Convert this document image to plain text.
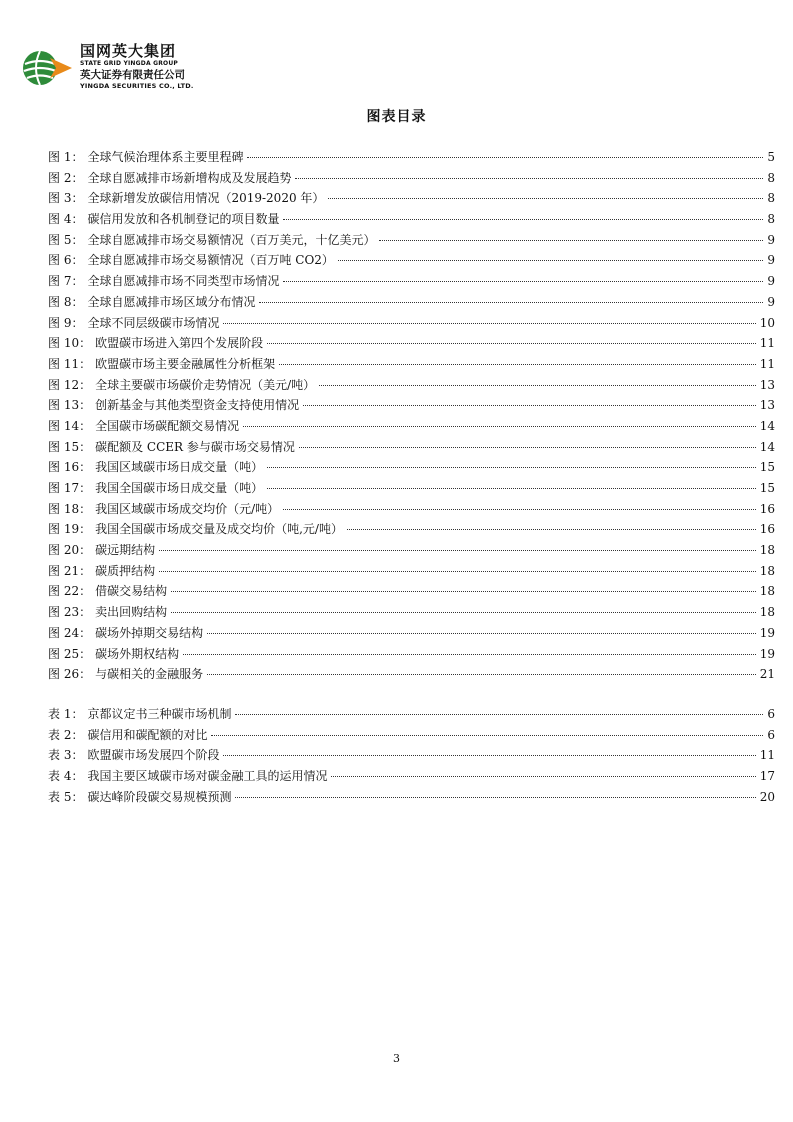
国网英大集团
STATE GRID YINGDA GROUP
英大证券有限责任公司
YINGDA SECURITIES CO., LTD.
图表目录
图 1： 全球气候治理体系主要里程碑	5
图 2： 全球自愿减排市场新增构成及发展趋势	8
图 3： 全球新增发放碳信用情况（2019-2020 年）	8
图 4： 碳信用发放和各机制登记的项目数量	8
图 5： 全球自愿减排市场交易额情况（百万美元，十亿美元）	9
图 6： 全球自愿减排市场交易额情况（百万吨 CO2）	9
图 7： 全球自愿减排市场不同类型市场情况	9
图 8： 全球自愿减排市场区域分布情况	9
图 9： 全球不同层级碳市场情况	10
图 10： 欧盟碳市场进入第四个发展阶段	11
图 11： 欧盟碳市场主要金融属性分析框架	11
图 12： 全球主要碳市场碳价走势情况（美元/吨）	13
图 13： 创新基金与其他类型资金支持使用情况	13
图 14： 全国碳市场碳配额交易情况	14
图 15： 碳配额及 CCER 参与碳市场交易情况	14
图 16： 我国区域碳市场日成交量（吨）	15
图 17： 我国全国碳市场日成交量（吨）	15
图 18： 我国区域碳市场成交均价（元/吨）	16
图 19： 我国全国碳市场成交量及成交均价（吨,元/吨）	16
图 20： 碳远期结构	18
图 21： 碳质押结构	18
图 22： 借碳交易结构	18
图 23： 卖出回购结构	18
图 24： 碳场外掉期交易结构	19
图 25： 碳场外期权结构	19
图 26： 与碳相关的金融服务	21
表 1： 京都议定书三种碳市场机制	6
表 2： 碳信用和碳配额的对比	6
表 3： 欧盟碳市场发展四个阶段	11
表 4： 我国主要区域碳市场对碳金融工具的运用情况	17
表 5： 碳达峰阶段碳交易规模预测	20
3
